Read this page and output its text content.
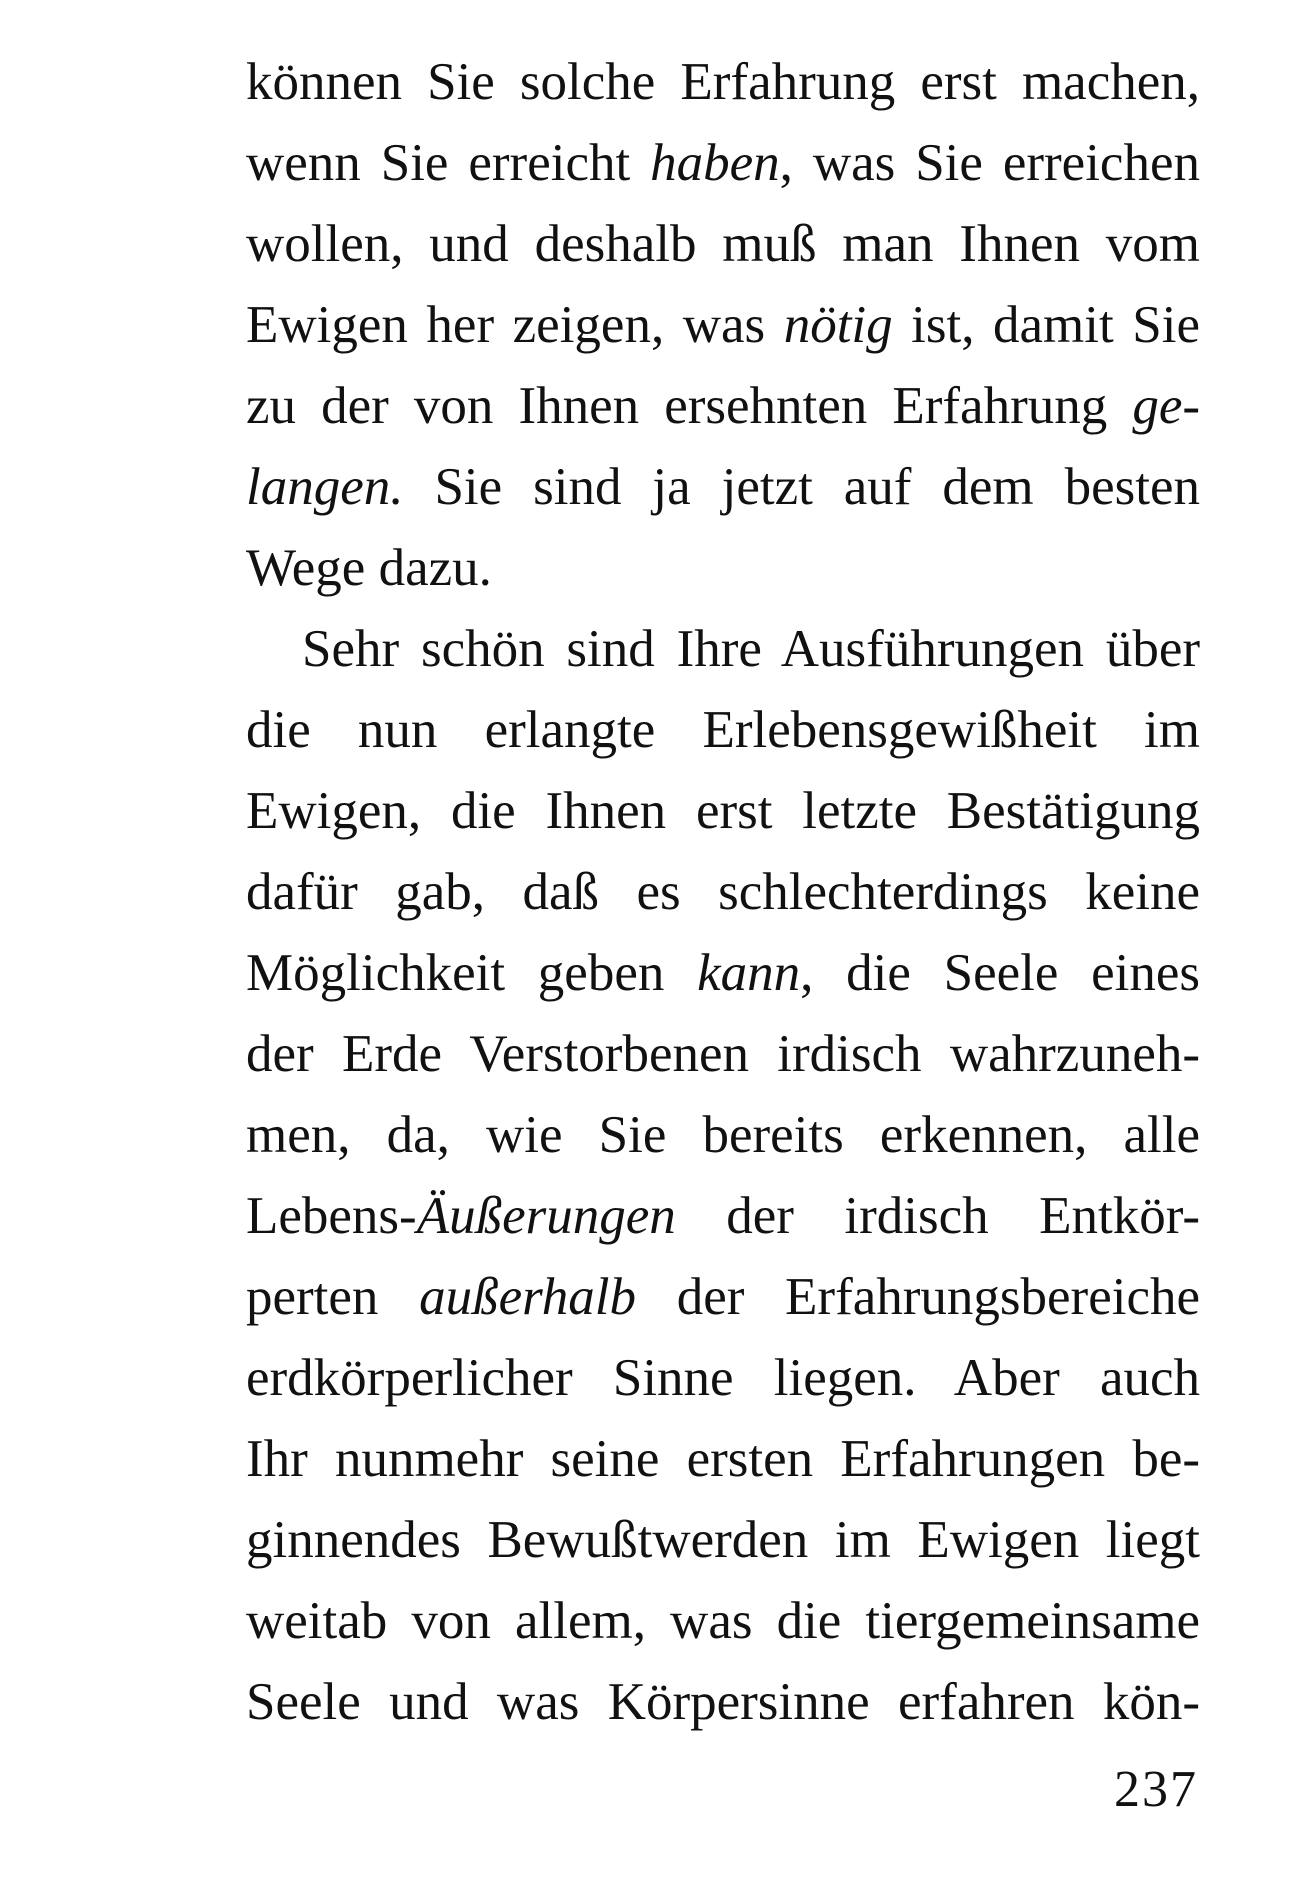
können Sie solche Erfahrung erst machen,
wenn Sie erreicht haben, was Sie erreichen
wollen, und deshalb muß man Ihnen vom
Ewigen her zeigen, was nötig ist, damit Sie
zu der von Ihnen ersehnten Erfahrung ge-
langen. Sie sind ja jetzt auf dem besten
Wege dazu.
Sehr schön sind Ihre Ausführungen über
die nun erlangte Erlebensgewißheit im
Ewigen, die Ihnen erst letzte Bestätigung
dafür gab, daß es schlechterdings keine
Möglichkeit geben kann, die Seele eines
der Erde Verstorbenen irdisch wahrzuneh-
men, da, wie Sie bereits erkennen, alle
Lebens-Äußerungen der irdisch Entkör-
perten außerhalb der Erfahrungsbereiche
erdkörperlicher Sinne liegen. Aber auch
Ihr nunmehr seine ersten Erfahrungen be-
ginnendes Bewußtwerden im Ewigen liegt
weitab von allem, was die tiergemeinsame
Seele und was Körpersinne erfahren kön-
237
